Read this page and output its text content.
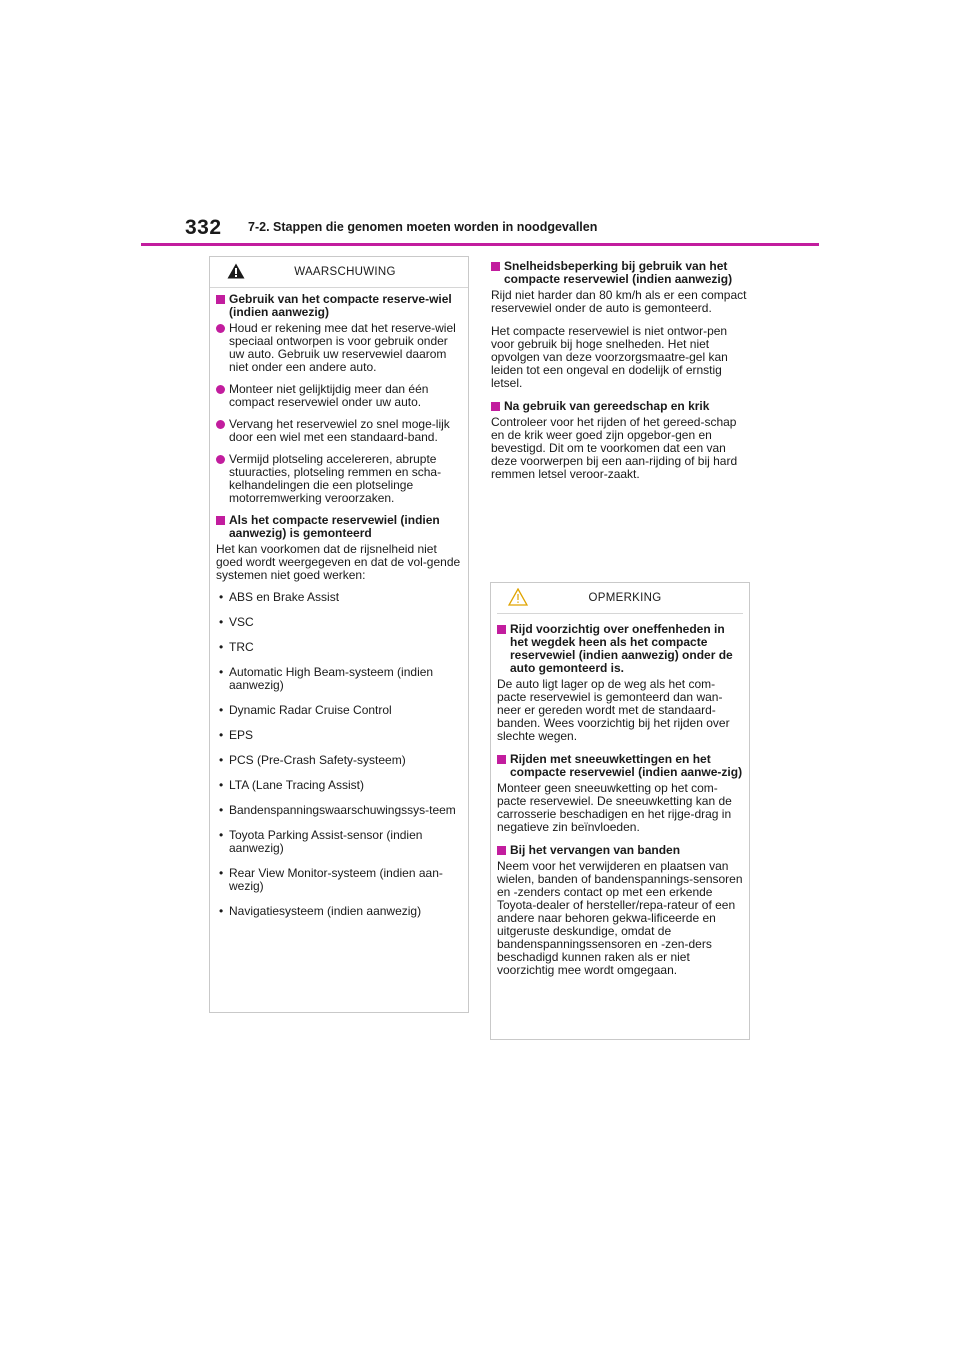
332 7-2. Stappen die genomen moeten worden in noodgevallen
WAARSCHUWING
Gebruik van het compacte reserve-wiel (indien aanwezig)
Houd er rekening mee dat het reserve-wiel speciaal ontworpen is voor gebruik onder uw auto. Gebruik uw reservewiel daarom niet onder een andere auto.
Monteer niet gelijktijdig meer dan één compact reservewiel onder uw auto.
Vervang het reservewiel zo snel moge-lijk door een wiel met een standaard-band.
Vermijd plotseling accelereren, abrupte stuuracties, plotseling remmen en scha-kelhandelingen die een plotselinge motorremwerking veroorzaken.
Als het compacte reservewiel (indien aanwezig) is gemonteerd
Het kan voorkomen dat de rijsnelheid niet goed wordt weergegeven en dat de vol-gende systemen niet goed werken:
• ABS en Brake Assist
• VSC
• TRC
• Automatic High Beam-systeem (indien aanwezig)
• Dynamic Radar Cruise Control
• EPS
• PCS (Pre-Crash Safety-systeem)
• LTA (Lane Tracing Assist)
• Bandenspanningswaarschuwingssys-teem
• Toyota Parking Assist-sensor (indien aanwezig)
• Rear View Monitor-systeem (indien aan-wezig)
• Navigatiesysteem (indien aanwezig)
Snelheidsbeperking bij gebruik van het compacte reservewiel (indien aanwezig)
Rijd niet harder dan 80 km/h als er een compact reservewiel onder de auto is gemonteerd.
Het compacte reservewiel is niet ontwor-pen voor gebruik bij hoge snelheden. Het niet opvolgen van deze voorzorgsmaatre-gel kan leiden tot een ongeval en dodelijk of ernstig letsel.
Na gebruik van gereedschap en krik
Controleer voor het rijden of het gereed-schap en de krik weer goed zijn opgebor-gen en bevestigd. Dit om te voorkomen dat een van deze voorwerpen bij een aan-rijding of bij hard remmen letsel veroor-zaakt.
OPMERKING
Rijd voorzichtig over oneffenheden in het wegdek heen als het compacte reservewiel (indien aanwezig) onder de auto gemonteerd is.
De auto ligt lager op de weg als het com-pacte reservewiel is gemonteerd dan wan-neer er gereden wordt met de standaard-banden. Wees voorzichtig bij het rijden over slechte wegen.
Rijden met sneeuwkettingen en het compacte reservewiel (indien aanwe-zig)
Monteer geen sneeuwketting op het com-pacte reservewiel. De sneeuwketting kan de carrosserie beschadigen en het rijge-drag in negatieve zin beïnvloeden.
Bij het vervangen van banden
Neem voor het verwijderen en plaatsen van wielen, banden of bandenspannings-sensoren en -zenders contact op met een erkende Toyota-dealer of hersteller/repa-rateur of een andere naar behoren gekwa-lificeerde en uitgeruste deskundige, omdat de bandenspanningssensoren en -zen-ders beschadigd kunnen raken als er niet voorzichtig mee wordt omgegaan.
